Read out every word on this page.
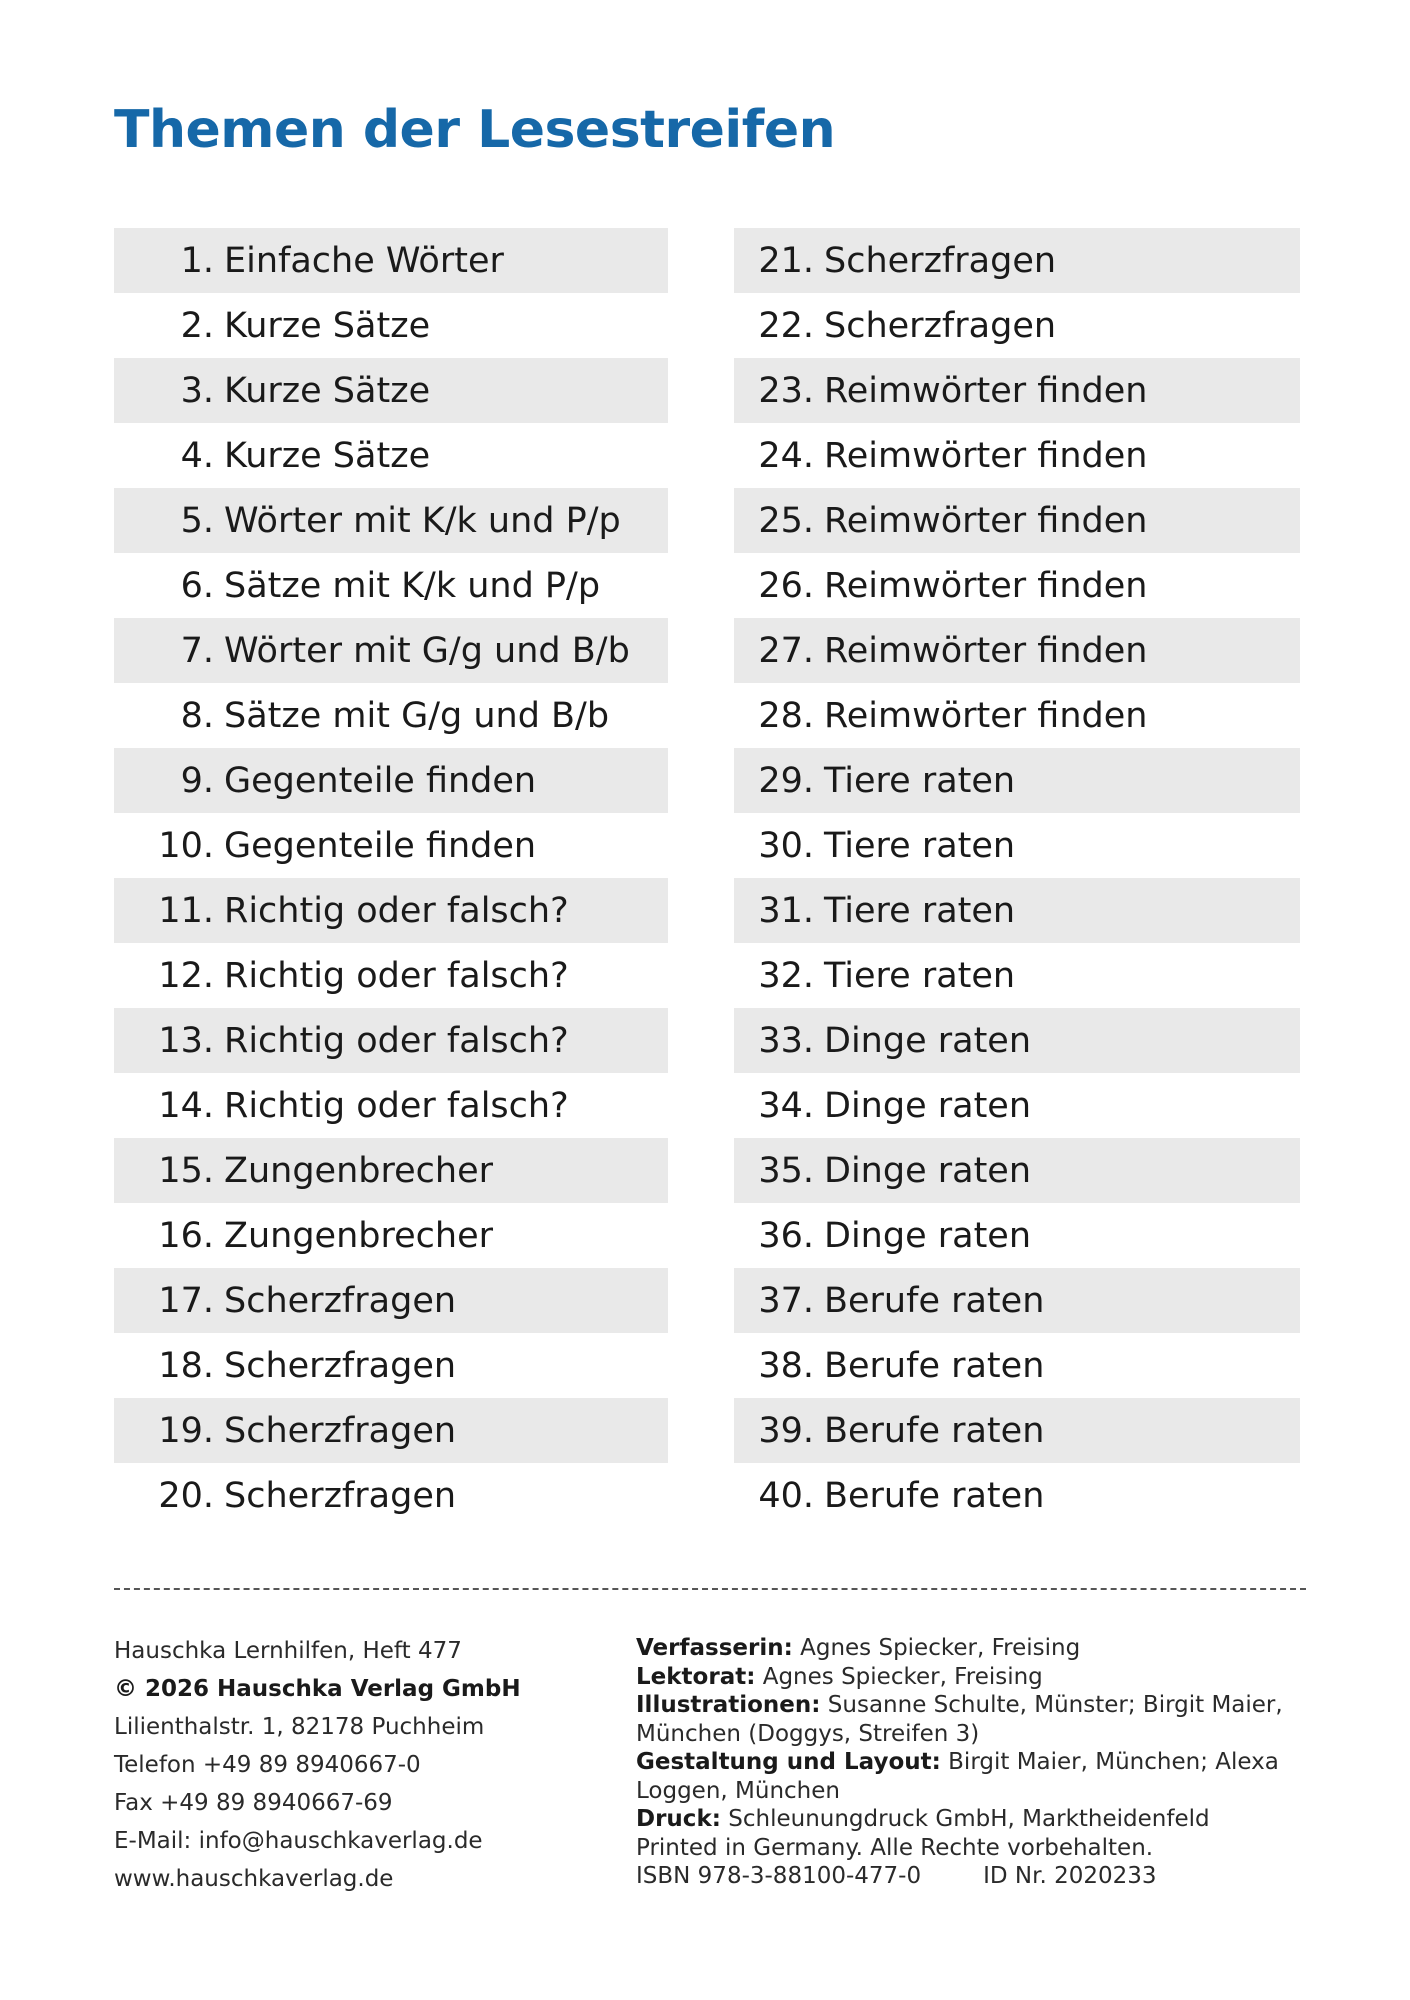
Themen der Lesestreifen
1. Einfache Wörter
2. Kurze Sätze
3. Kurze Sätze
4. Kurze Sätze
5. Wörter mit K/k und P/p
6. Sätze mit K/k und P/p
7. Wörter mit G/g und B/b
8. Sätze mit G/g und B/b
9. Gegenteile finden
10. Gegenteile finden
11. Richtig oder falsch?
12. Richtig oder falsch?
13. Richtig oder falsch?
14. Richtig oder falsch?
15. Zungenbrecher
16. Zungenbrecher
17. Scherzfragen
18. Scherzfragen
19. Scherzfragen
20. Scherzfragen
21. Scherzfragen
22. Scherzfragen
23. Reimwörter finden
24. Reimwörter finden
25. Reimwörter finden
26. Reimwörter finden
27. Reimwörter finden
28. Reimwörter finden
29. Tiere raten
30. Tiere raten
31. Tiere raten
32. Tiere raten
33. Dinge raten
34. Dinge raten
35. Dinge raten
36. Dinge raten
37. Berufe raten
38. Berufe raten
39. Berufe raten
40. Berufe raten
Hauschka Lernhilfen, Heft 477
© 2026 Hauschka Verlag GmbH
Lilienthalstr. 1, 82178 Puchheim
Telefon +49 89 8940667-0
Fax +49 89 8940667-69
E-Mail: info@hauschkaverlag.de
www.hauschkaverlag.de
Verfasserin: Agnes Spiecker, Freising
Lektorat: Agnes Spiecker, Freising
Illustrationen: Susanne Schulte, Münster; Birgit Maier, München (Doggys, Streifen 3)
Gestaltung und Layout: Birgit Maier, München; Alexa Loggen, München
Druck: Schleunungdruck GmbH, Marktheidenfeld
Printed in Germany. Alle Rechte vorbehalten.
ISBN 978-3-88100-477-0	ID Nr. 2020233
